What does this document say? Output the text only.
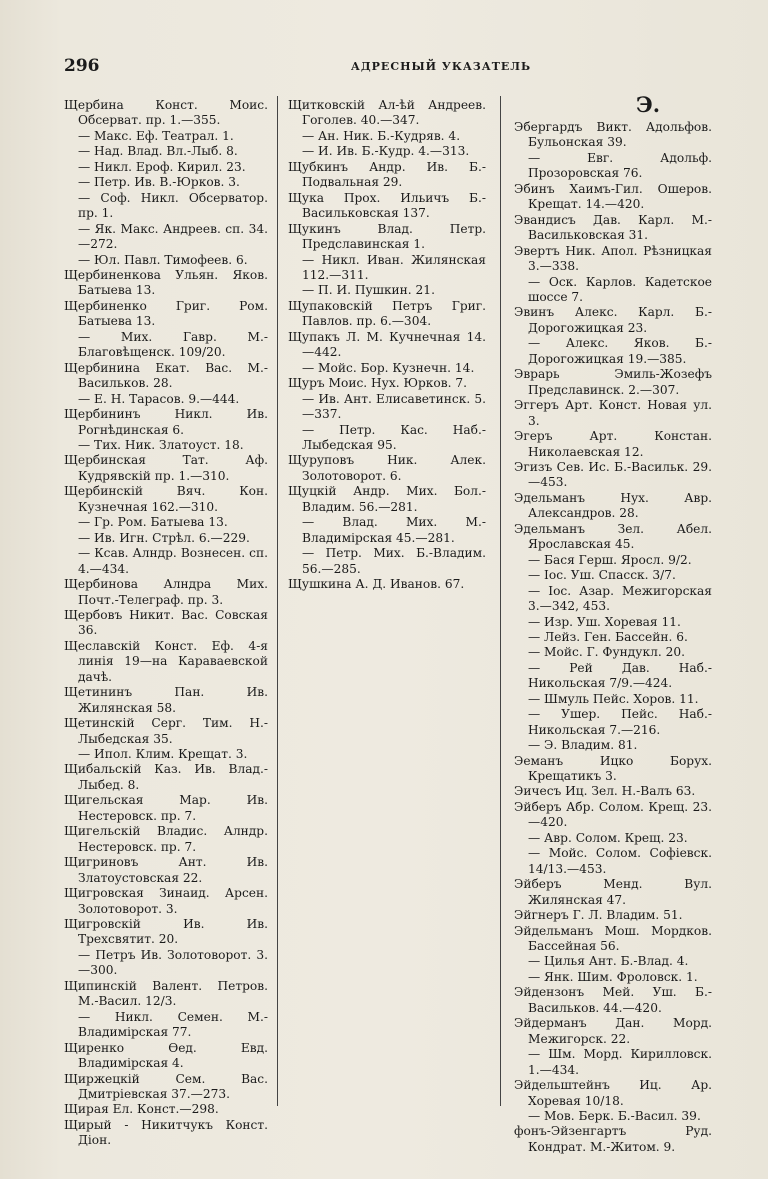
296	АДРЕСНЫЙ УКАЗАТЕЛЬ
Щербина Конст. Моис. Обсерват. пр. 1.—355.
— Макс. Еф. Театрал. 1.
— Над. Влад. Вл.-Лыб. 8.
— Никл. Ероф. Кирил. 23.
— Петр. Ив. В.-Юрков. 3.
— Соф. Никл. Обсерватор. пр. 1.
— Як. Макс. Андреев. сп. 34.—272.
— Юл. Павл. Тимофеев. 6.
Щербиненкова Ульян. Яков. Батыева 13.
Щербиненко Григ. Ром. Батыева 13.
— Мих. Гавр. М.-Благовѣщенск. 109/20.
Щербинина Екат. Вас. М.-Васильков. 28.
— Е. Н. Тарасов. 9.—444.
Щербининъ Никл. Ив. Рогнѣдинская 6.
— Тих. Ник. Златоуст. 18.
Щербинская Тат. Аф. Кудрявскій пр. 1.—310.
Щербинскій Вяч. Кон. Кузнечная 162.—310.
— Гр. Ром. Батыева 13.
— Ив. Игн. Стрѣл. 6.—229.
— Ксав. Алндр. Вознесен. сп. 4.—434.
Щербинова Алндра Мих. Почт.-Телеграф. пр. 3.
Щербовъ Никит. Вас. Совская 36.
Щеславскій Конст. Еф. 4-я линія 19—на Караваевской дачѣ.
Щетининъ Пан. Ив. Жилянская 58.
Щетинскій Серг. Тим. Н.-Лыбедская 35.
— Ипол. Клим. Крещат. 3.
Щибальскій Каз. Ив. Влад.-Лыбед. 8.
Щигельская Мар. Ив. Нестеровск. пр. 7.
Щигельскій Владис. Алндр. Нестеровск. пр. 7.
Щигриновъ Ант. Ив. Златоустовская 22.
Щигровская Зинаид. Арсен. Золотоворот. 3.
Щигровскій Ив. Ив. Трехсвятит. 20.
— Петръ Ив. Золотоворот. 3.—300.
Щипинскій Валент. Петров. М.-Васил. 12/3.
— Никл. Семен. М.-Владимірская 77.
Щиренко Ѳед. Евд. Владимірская 4.
Щиржецкій Сем. Вас. Дмитріевская 37.—273.
Щирая Ел. Конст.—298.
Щирый - Никитчукъ Конст. Діон.
Щитковскій Ал-ѣй Андреев. Гоголев. 40.—347.
— Ан. Ник. Б.-Кудряв. 4.
— И. Ив. Б.-Кудр. 4.—313.
Щубкинъ Андр. Ив. Б.-Подвальная 29.
Щука Прох. Ильичъ Б.-Васильковская 137.
Щукинъ Влад. Петр. Предславинская 1.
— Никл. Иван. Жилянская 112.—311.
— П. И. Пушкин. 21.
Щупаковскій Петръ Григ. Павлов. пр. 6.—304.
Щупакъ Л. М. Кучнечная 14.—442.
— Мойс. Бор. Кузнечн. 14.
Щуръ Моис. Нух. Юрков. 7.
— Ив. Ант. Елисаветинск. 5.—337.
— Петр. Кас. Наб.-Лыбедская 95.
Щуруповъ Ник. Алек. Золотоворот. 6.
Щуцкій Андр. Мих. Бол.-Владим. 56.—281.
— Влад. Мих. М.-Владимірская 45.—281.
— Петр. Мих. Б.-Владим. 56.—285.
Щушкина А. Д. Иванов. 67.
Э.
Эбергардъ Викт. Адольфов. Бульонская 39.
— Евг. Адольф. Прозоровская 76.
Эбинъ Хаимъ-Гил. Ошеров. Крещат. 14.—420.
Эвандисъ Дав. Карл. М.-Васильковская 31.
Эвертъ Ник. Апол. Рѣзницкая 3.—338.
— Оск. Карлов. Кадетское шоссе 7.
Эвинъ Алекс. Карл. Б.-Дорогожицкая 23.
— Алекс. Яков. Б.-Дорогожицкая 19.—385.
Эврарь Эмиль-Жозефъ Предславинск. 2.—307.
Эггеръ Арт. Конст. Новая ул. 3.
Эгеръ Арт. Констан. Николаевская 12.
Эгизъ Сев. Ис. Б.-Васильк. 29.—453.
Эдельманъ Нух. Авр. Александров. 28.
Эдельманъ Зел. Абел. Ярославская 45.
— Бася Герш. Яросл. 9/2.
— Іос. Уш. Спасск. 3/7.
— Іос. Азар. Межигорская 3.—342, 453.
— Изр. Уш. Хоревая 11.
— Лейз. Ген. Бассейн. 6.
— Мойс. Г. Фундукл. 20.
— Рей Дав. Наб.-Никольская 7/9.—424.
— Шмуль Пейс. Хоров. 11.
— Ушер. Пейс. Наб.-Никольская 7.—216.
— Э. Владим. 81.
Эеманъ Ицко Борух. Крещатикъ 3.
Эичесъ Иц. Зел. Н.-Валъ 63.
Эйберъ Абр. Солом. Крещ. 23.—420.
— Авр. Солом. Крещ. 23.
— Мойс. Солом. Софіевск. 14/13.—453.
Эйберъ Менд. Вул. Жилянская 47.
Эйгнеръ Г. Л. Владим. 51.
Эйдельманъ Мош. Мордков. Бассейная 56.
— Цилья Ант. Б.-Влад. 4.
— Янк. Шим. Фроловск. 1.
Эйдензонъ Мей. Уш. Б.-Васильков. 44.—420.
Эйдерманъ Дан. Морд. Межигорск. 22.
— Шм. Морд. Кирилловск. 1.—434.
Эйдельштейнъ Иц. Ар. Хоревая 10/18.
— Мов. Берк. Б.-Васил. 39.
фонъ-Эйзенгартъ Руд. Кондрат. М.-Житом. 9.
